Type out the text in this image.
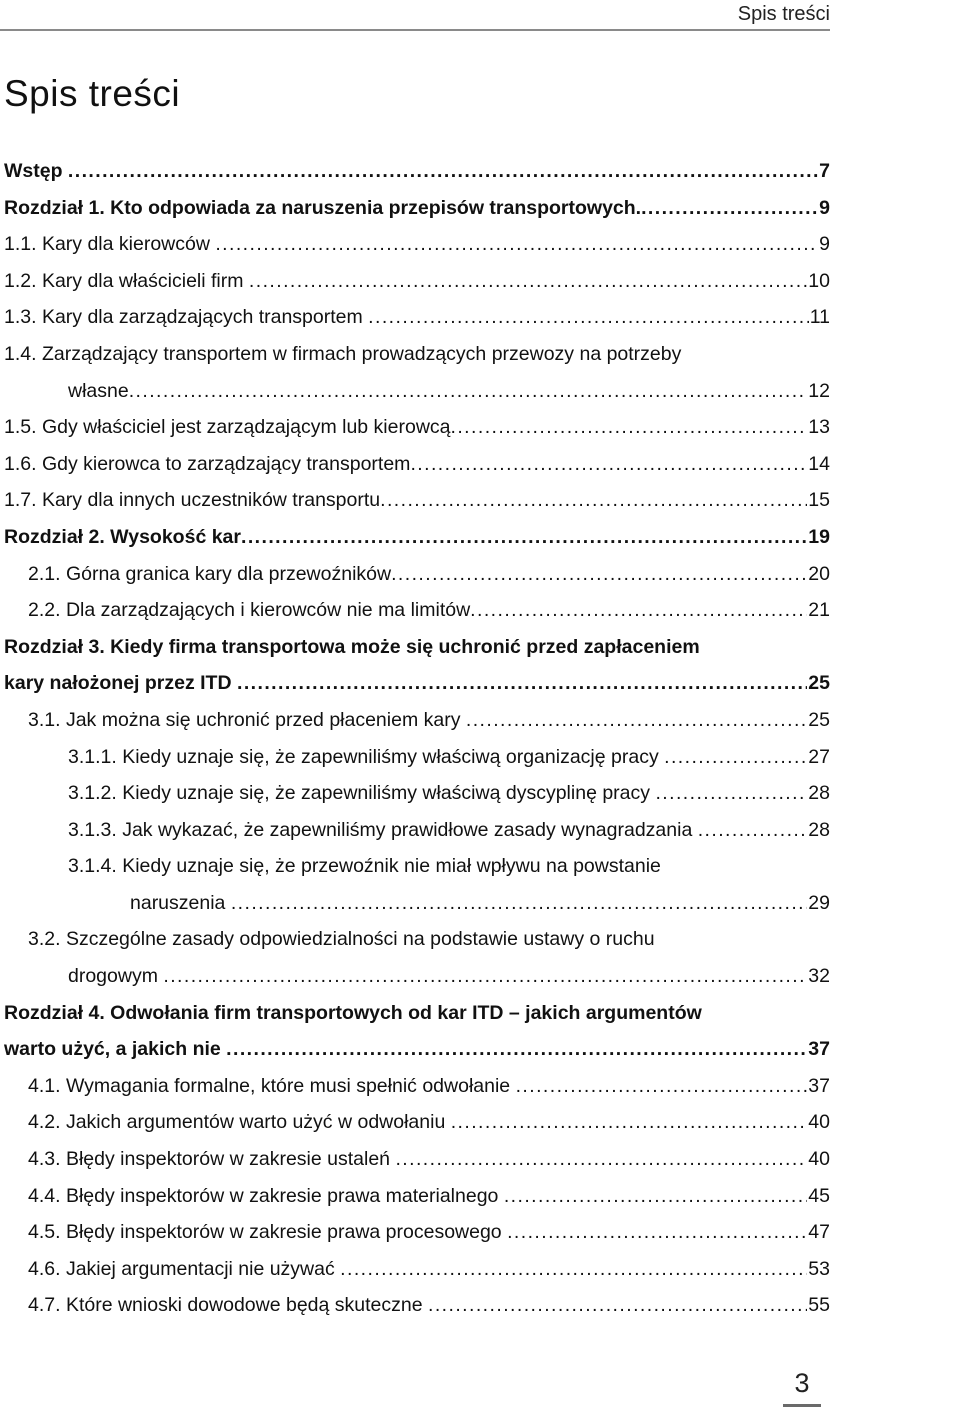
Spis treści
Spis treści
Wstęp . . .	7
Rozdział 1. Kto odpowiada za naruszenia przepisów transportowych. . . .	9
1.1. Kary dla kierowców . . .	9
1.2. Kary dla właścicieli firm . . .	10
1.3. Kary dla zarządzających transportem . . .	11
1.4. Zarządzający transportem w firmach prowadzących przewozy na potrzeby
własne . . .	12
1.5. Gdy właściciel jest zarządzającym lub kierowcą . . .	13
1.6. Gdy kierowca to zarządzający transportem . . .	14
1.7. Kary dla innych uczestników transportu . . .	15
Rozdział 2. Wysokość kar . . .	19
2.1. Górna granica kary dla przewoźników . . .	20
2.2. Dla zarządzających i kierowców nie ma limitów . . .	21
Rozdział 3. Kiedy firma transportowa może się uchronić przed zapłaceniem
kary nałożonej przez ITD . . .	25
3.1. Jak można się uchronić przed płaceniem kary . . .	25
3.1.1. Kiedy uznaje się, że zapewniliśmy właściwą organizację pracy . . .	27
3.1.2. Kiedy uznaje się, że zapewniliśmy właściwą dyscyplinę pracy . . .	28
3.1.3. Jak wykazać, że zapewniliśmy prawidłowe zasady wynagradzania . . .	28
3.1.4. Kiedy uznaje się, że przewoźnik nie miał wpływu na powstanie
naruszenia . . .	29
3.2. Szczególne zasady odpowiedzialności na podstawie ustawy o ruchu
drogowym . . .	32
Rozdział 4. Odwołania firm transportowych od kar ITD – jakich argumentów
warto użyć, a jakich nie . . .	37
4.1. Wymagania formalne, które musi spełnić odwołanie . . .	37
4.2. Jakich argumentów warto użyć w odwołaniu . . .	40
4.3. Błędy inspektorów w zakresie ustaleń . . .	40
4.4. Błędy inspektorów w zakresie prawa materialnego . . .	45
4.5. Błędy inspektorów w zakresie prawa procesowego . . .	47
4.6. Jakiej argumentacji nie używać . . .	53
4.7. Które wnioski dowodowe będą skuteczne . . .	55
3
